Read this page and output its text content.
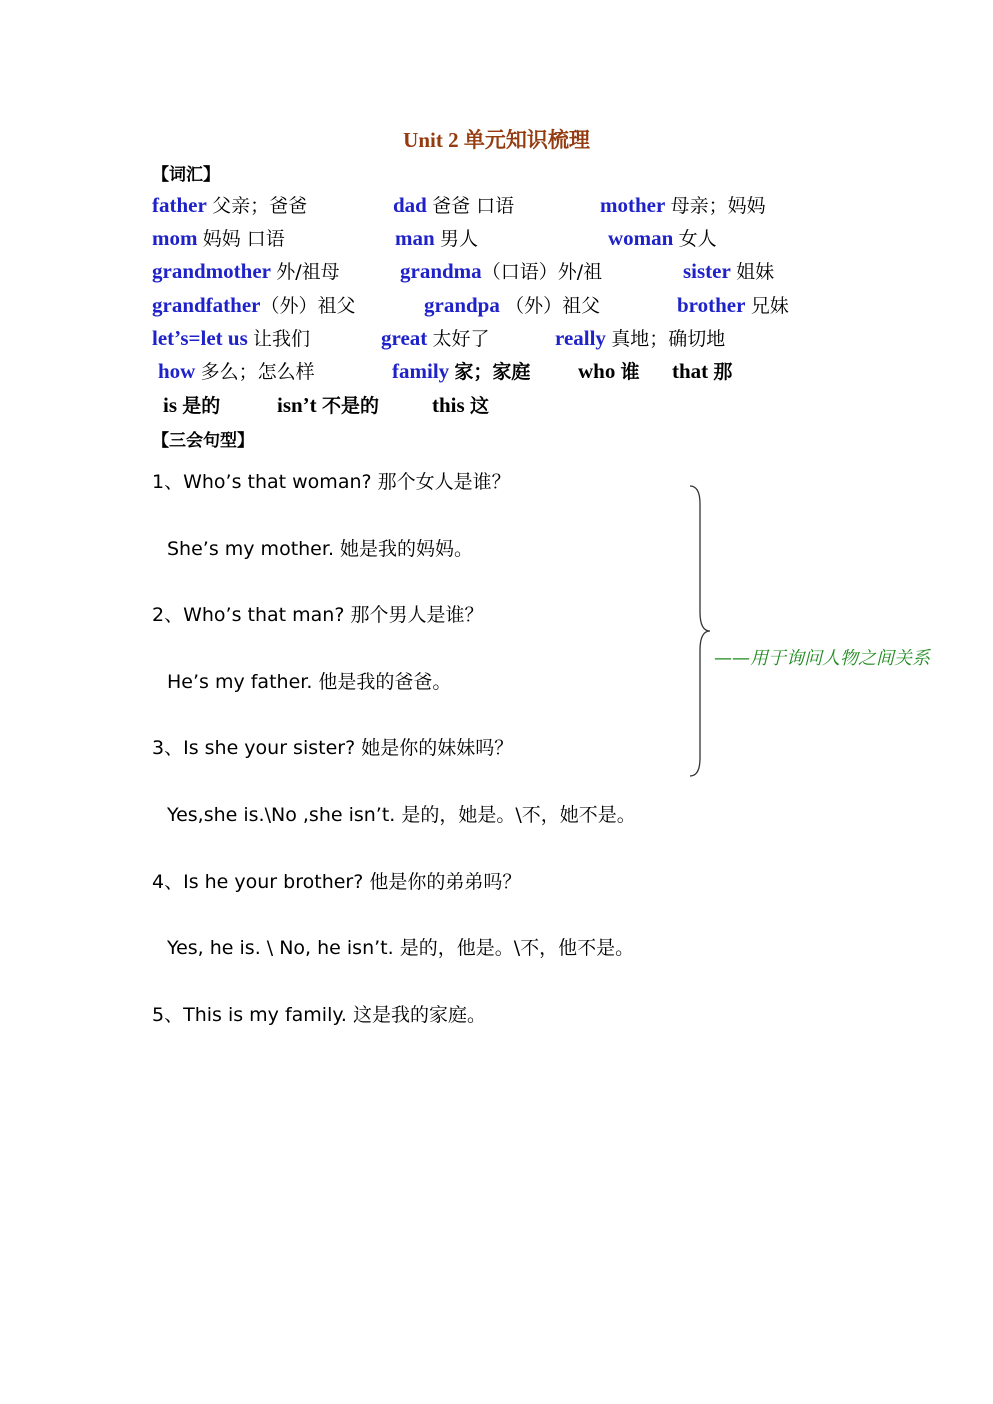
Unit 2 单元知识梳理
【词汇】
father 父亲；爸爸	dad 爸爸 口语	mother 母亲；妈妈
mom 妈妈 口语	man 男人	woman 女人
grandmother 外/祖母	grandma（口语）外/祖	sister 姐妹
grandfather（外）祖父	grandpa （外）祖父	brother 兄妹
let’s=let us 让我们	great 太好了	really 真地；确切地
how 多么；怎么样	family 家；家庭 who 谁 that 那
is 是的	isn’t 不是的	this 这
【三会句型】
1、Who’s that woman? 那个女人是谁？
She’s my mother. 她是我的妈妈。
2、Who’s that man? 那个男人是谁？
He’s my father. 他是我的爸爸。
3、Is she your sister? 她是你的妹妹吗？
Yes,she is.\No ,she isn’t. 是的，她是。\不，她不是。
4、Is he your brother? 他是你的弟弟吗？
Yes, he is. \ No, he isn’t. 是的，他是。\不，他不是。
5、This is my family. 这是我的家庭。
——用于询问人物之间关系
